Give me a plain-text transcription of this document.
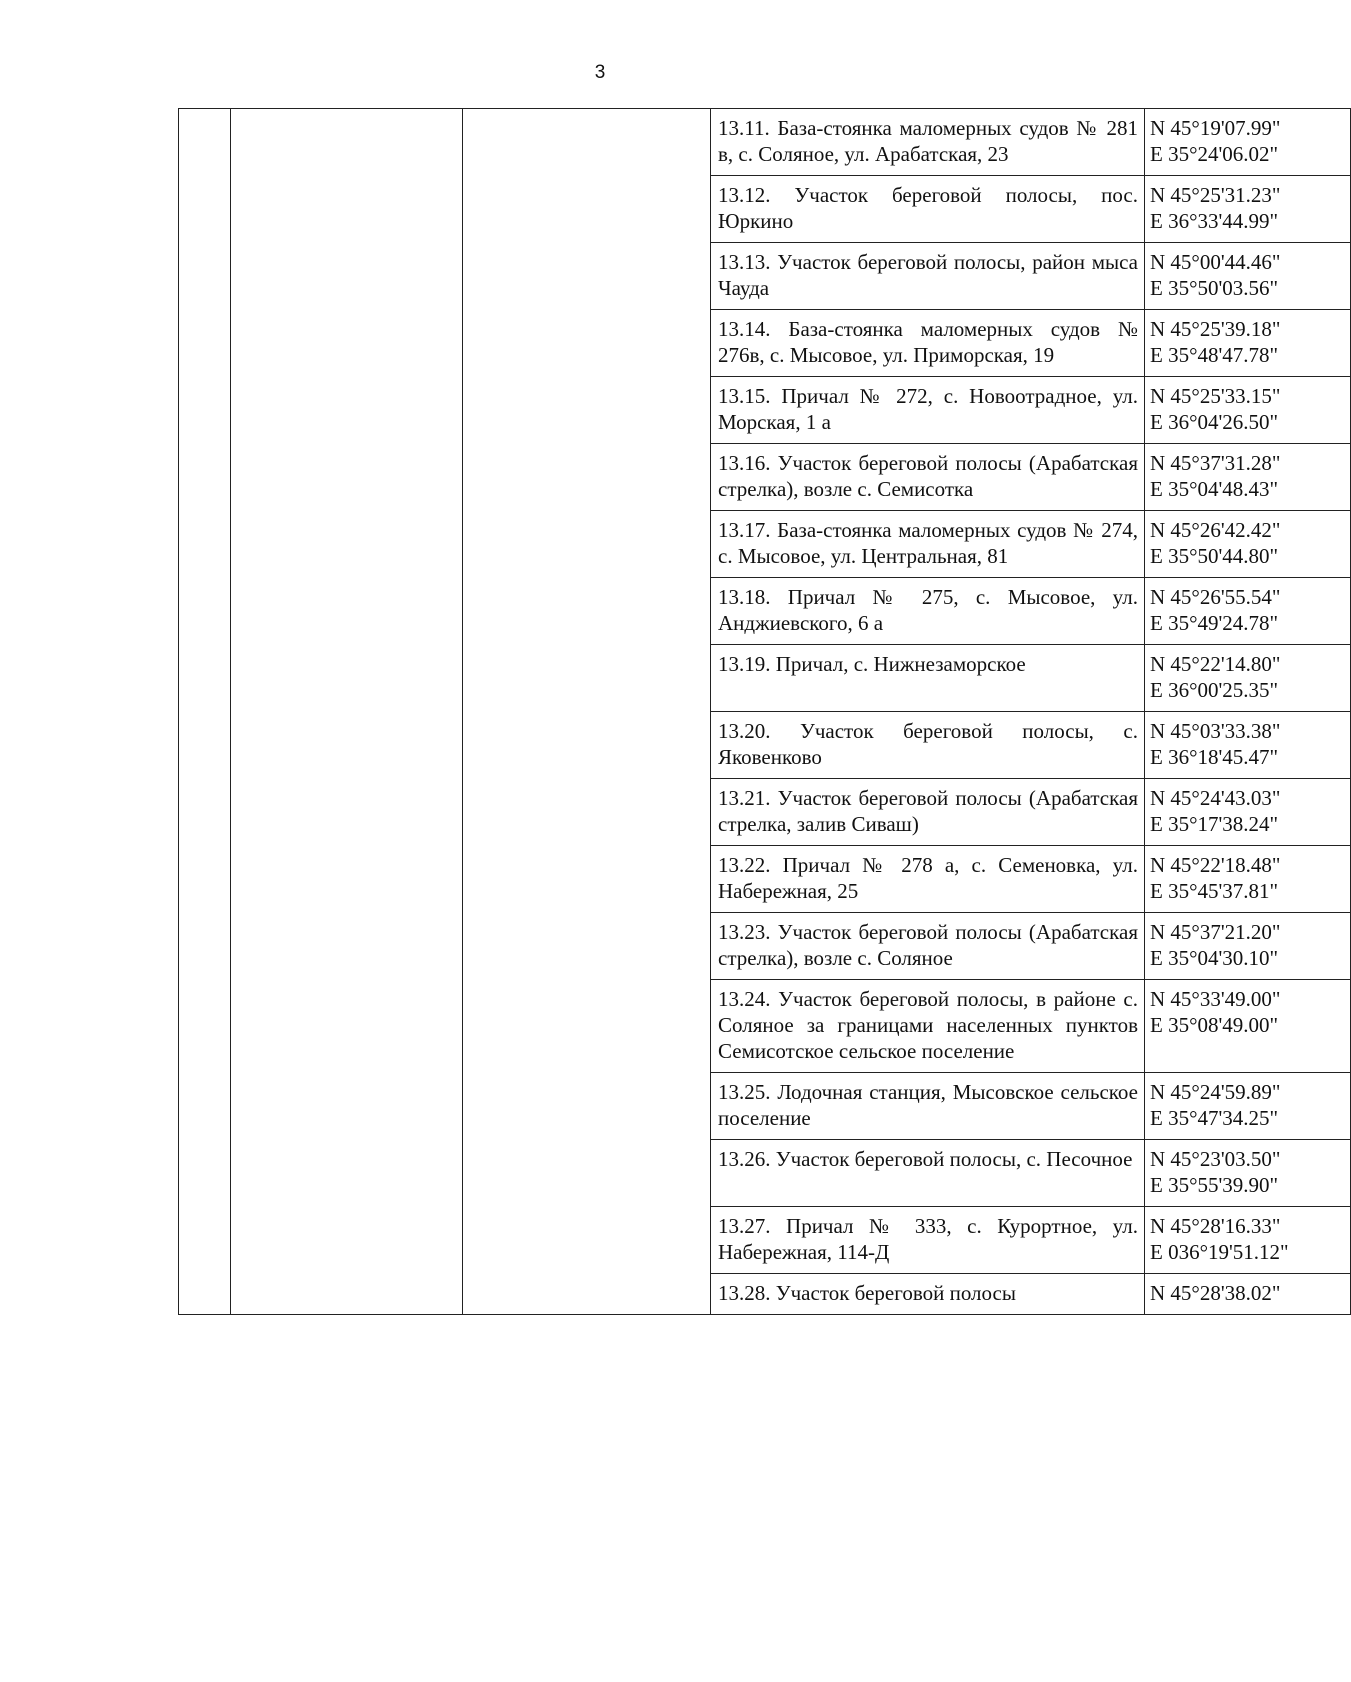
3
			13.11. База-стоянка маломерных судов № 281 в, с. Соляное, ул. Арабатская, 23	N 45°19'07.99"
E 35°24'06.02"

			13.12. Участок береговой полосы, пос. Юркино	N 45°25'31.23"
E 36°33'44.99"

			13.13. Участок береговой полосы, район мыса Чауда	N 45°00'44.46"
E 35°50'03.56"

			13.14. База-стоянка маломерных судов № 276в, с. Мысовое, ул. Приморская, 19	N 45°25'39.18"
E 35°48'47.78"

			13.15. Причал № 272, с. Новоотрадное, ул. Морская, 1 а	N 45°25'33.15"
E 36°04'26.50"

			13.16. Участок береговой полосы (Арабатская стрелка), возле с. Семисотка	N 45°37'31.28"
E 35°04'48.43"

			13.17. База-стоянка маломерных судов № 274, с. Мысовое, ул. Центральная, 81	N 45°26'42.42"
E 35°50'44.80"

			13.18. Причал № 275, с. Мысовое, ул. Анджиевского, 6 а	N 45°26'55.54"
E 35°49'24.78"

			13.19. Причал, с. Нижнезаморское	N 45°22'14.80"
E 36°00'25.35"

			13.20. Участок береговой полосы, с. Яковенково	N 45°03'33.38"
E 36°18'45.47"

			13.21. Участок береговой полосы (Арабатская стрелка, залив Сиваш)	N 45°24'43.03"
E 35°17'38.24"

			13.22. Причал № 278 а, с. Семеновка, ул. Набережная, 25	N 45°22'18.48"
E 35°45'37.81"

			13.23. Участок береговой полосы (Арабатская стрелка), возле с. Соляное	N 45°37'21.20"
E 35°04'30.10"

			13.24. Участок береговой полосы, в районе с. Соляное за границами населенных пунктов Семисотское сельское поселение	N 45°33'49.00"
E 35°08'49.00"

			13.25. Лодочная станция, Мысовское сельское поселение	N 45°24'59.89"
E 35°47'34.25"

			13.26. Участок береговой полосы, с. Песочное	N 45°23'03.50"
E 35°55'39.90"

			13.27. Причал № 333, с. Курортное, ул. Набережная, 114-Д	N 45°28'16.33"
E 036°19'51.12"

			13.28. Участок береговой полосы	N 45°28'38.02"
